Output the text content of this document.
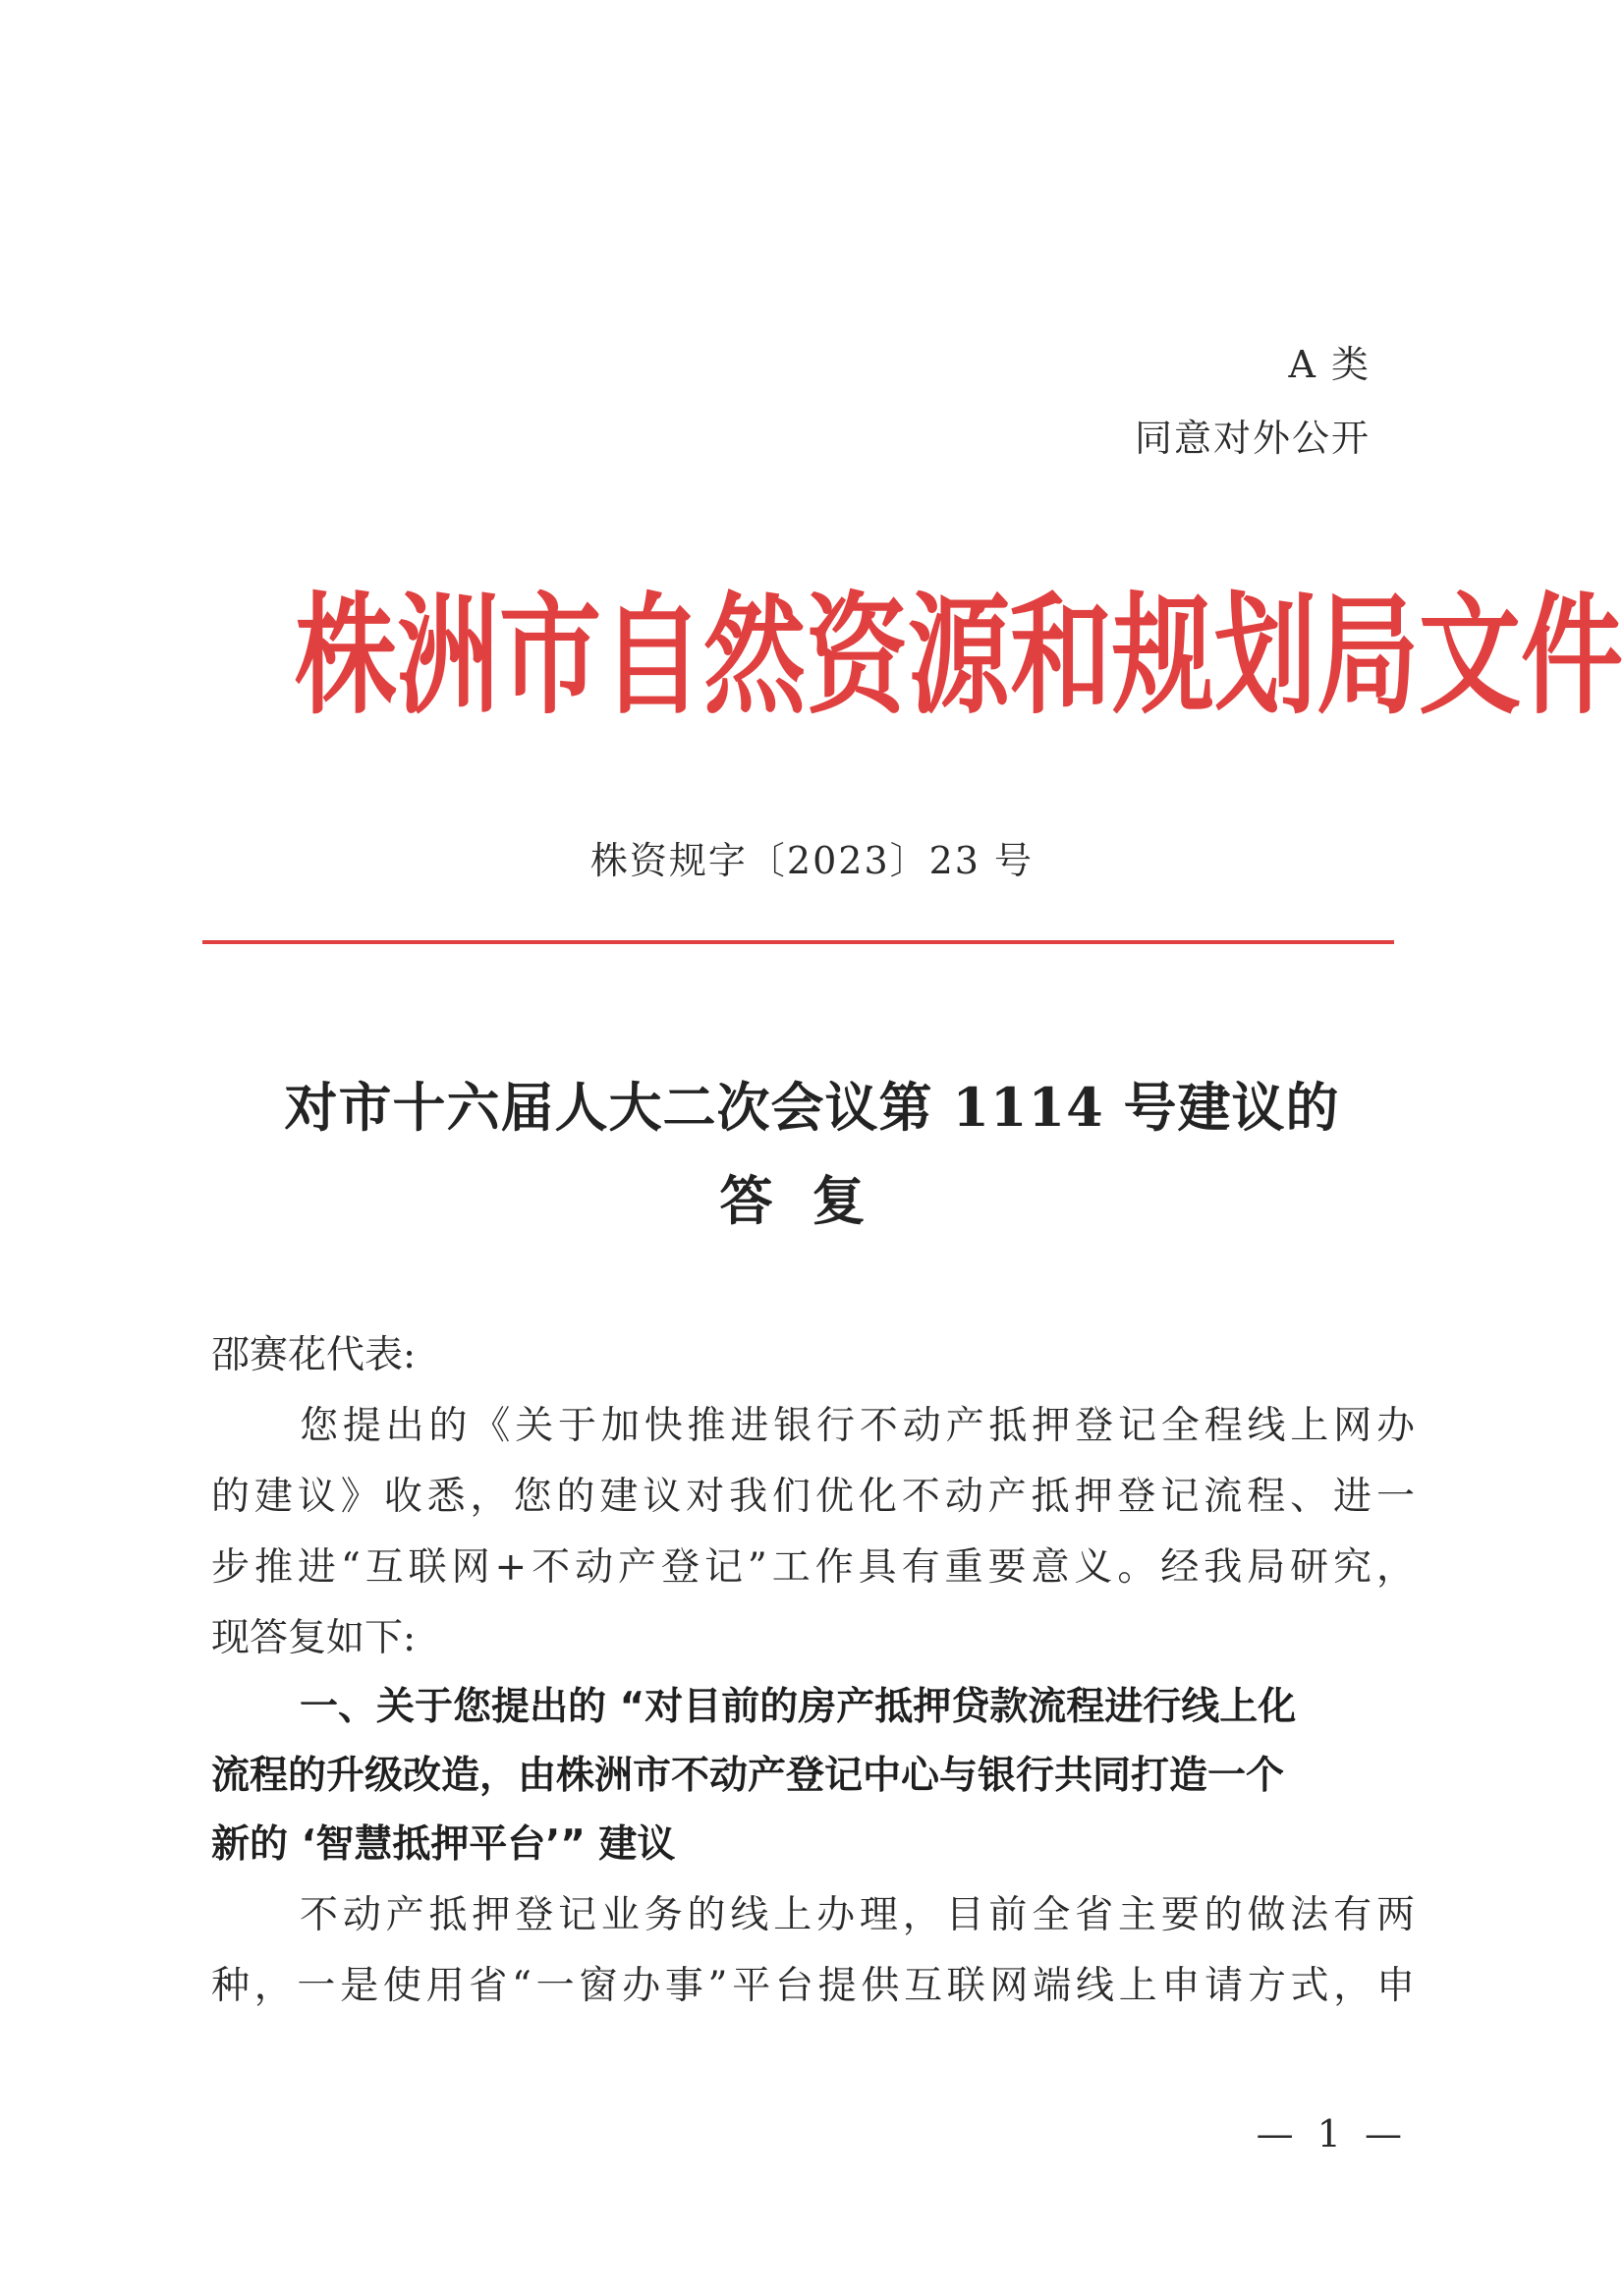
A 类
同意对外公开
株洲市自然资源和规划局文件
株资规字〔2023〕23 号
对市十六届人大二次会议第 1114 号建议的
答复
邵赛花代表:
您提出的《关于加快推进银行不动产抵押登记全程线上网办
的建议》收悉，您的建议对我们优化不动产抵押登记流程、进一
步推进“互联网+不动产登记”工作具有重要意义。经我局研究，
现答复如下:
一、关于您提出的 “对目前的房产抵押贷款流程进行线上化
流程的升级改造，由株洲市不动产登记中心与银行共同打造一个
新的 ‘智慧抵押平台’” 建议
不动产抵押登记业务的线上办理，目前全省主要的做法有两
种，一是使用省“一窗办事”平台提供互联网端线上申请方式，申
— 1 —
